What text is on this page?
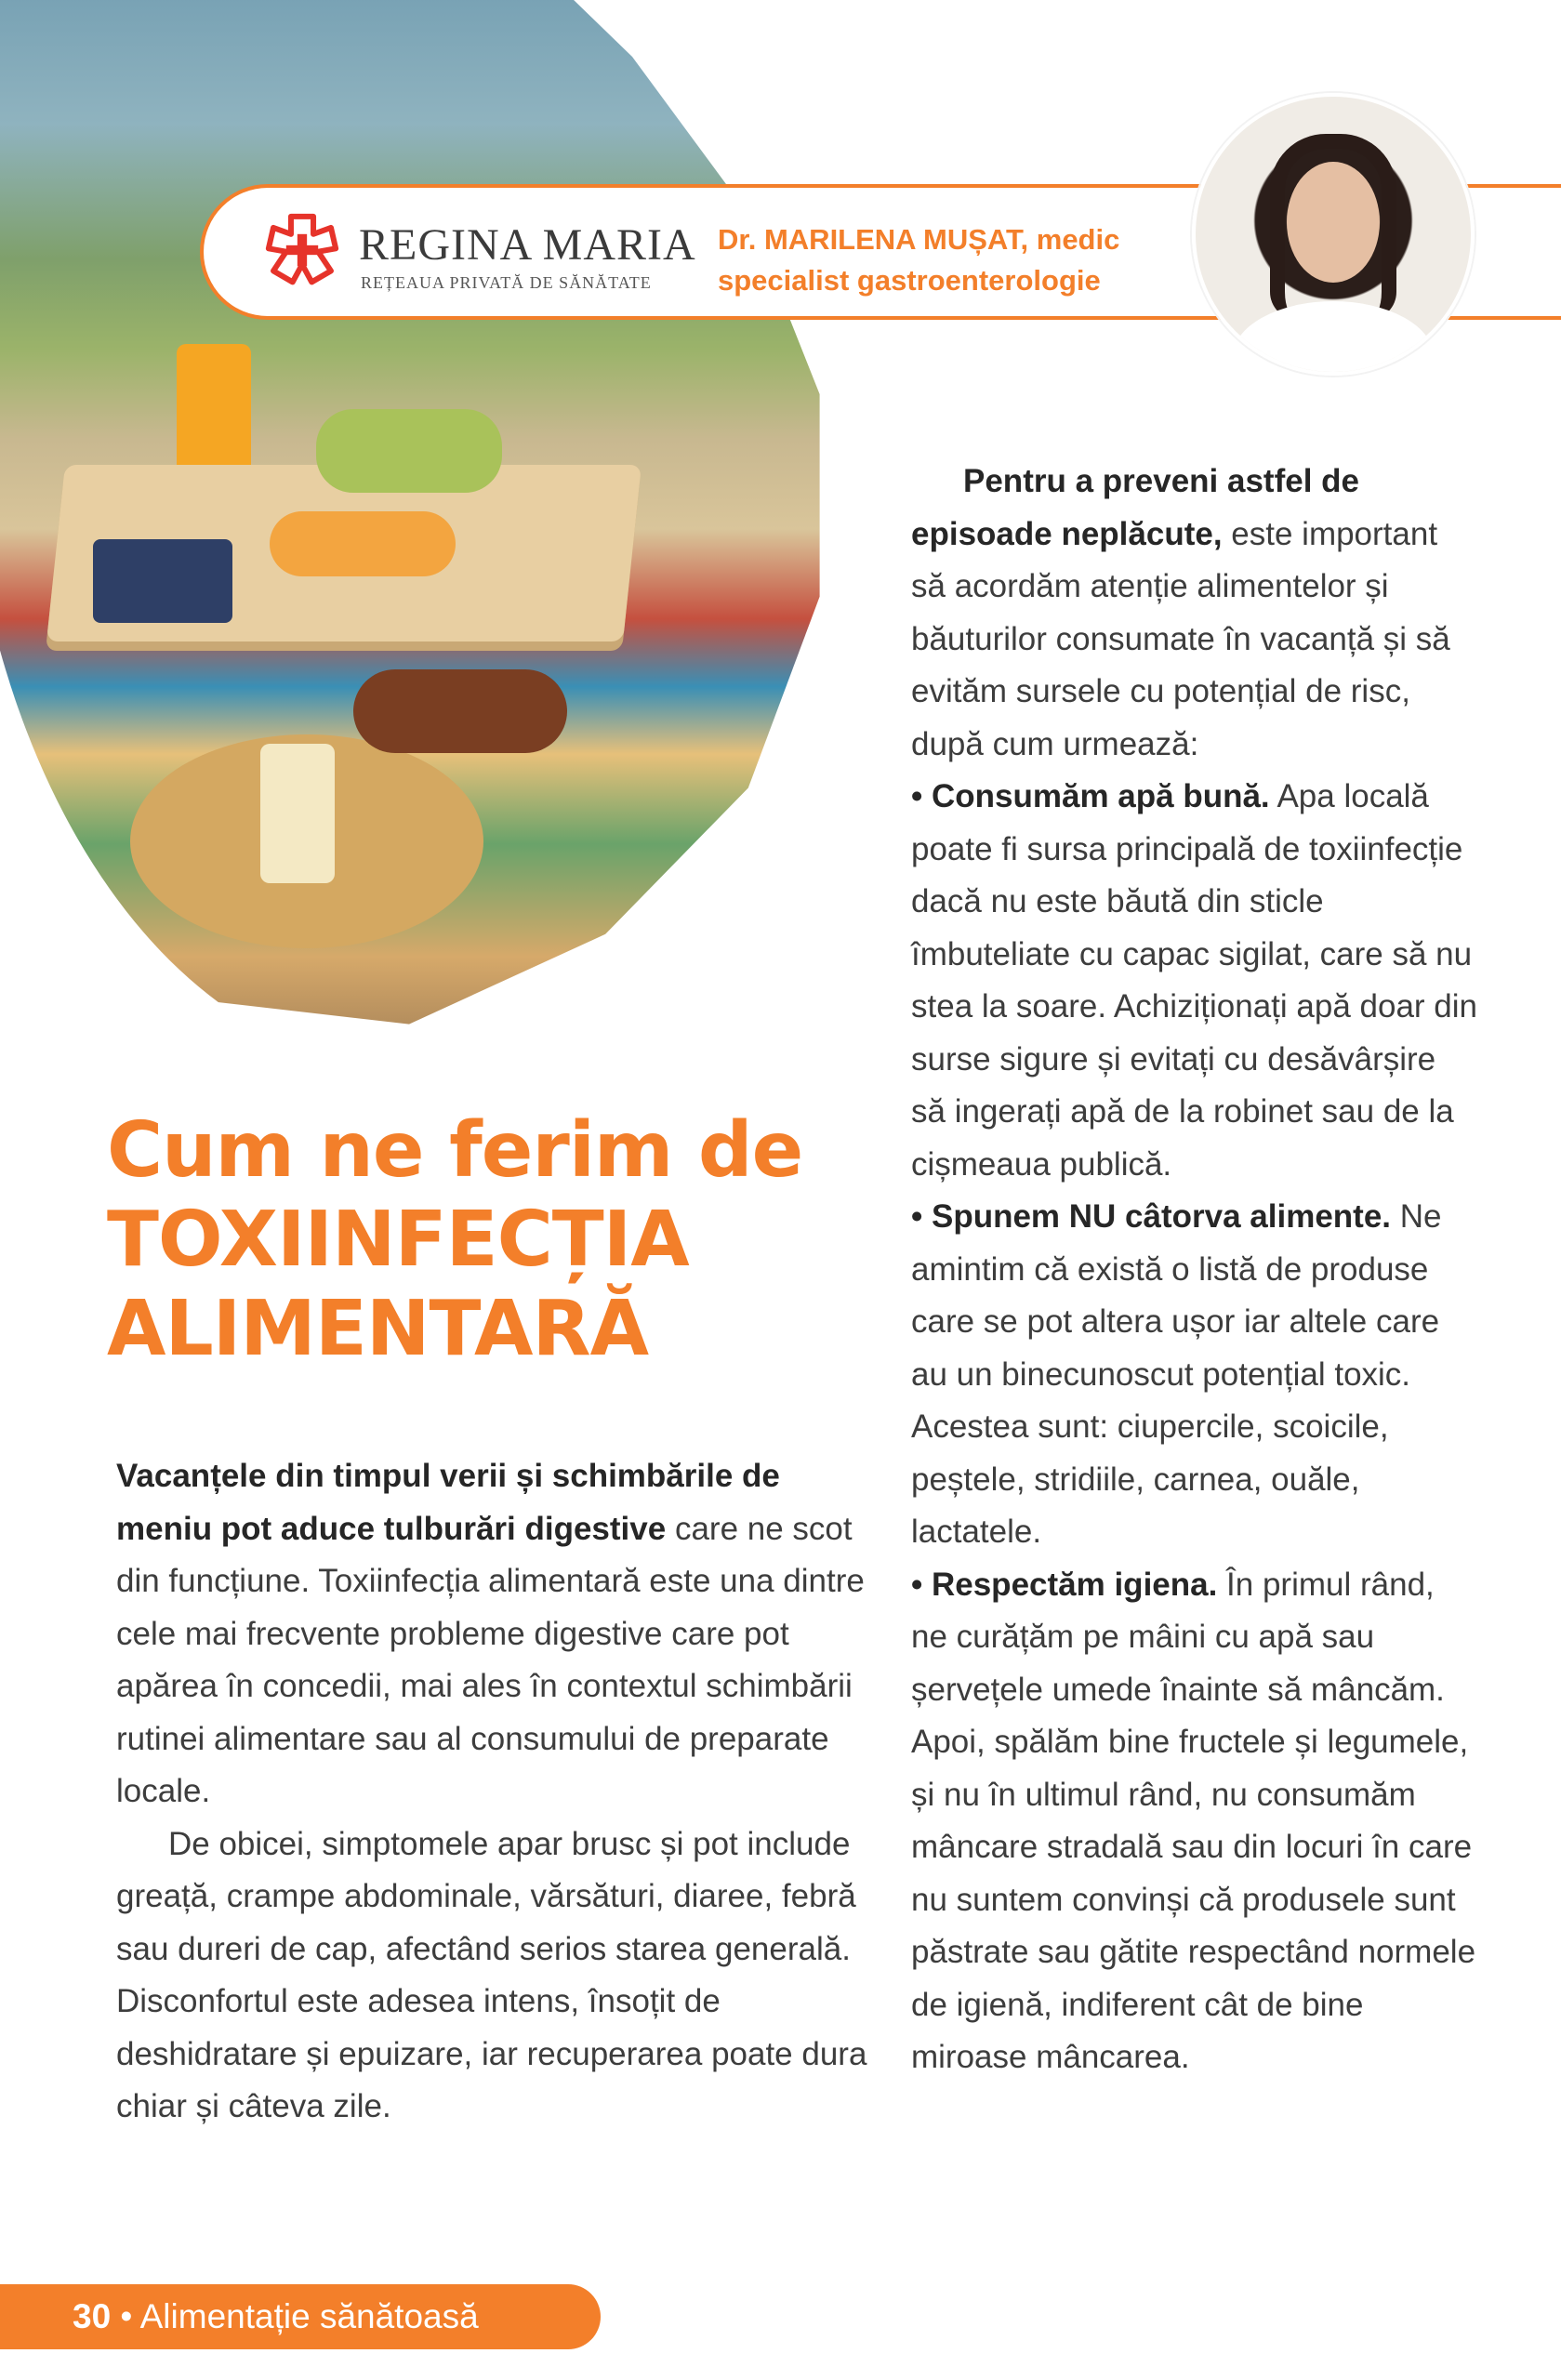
REGINA MARIA
REȚEAUA PRIVATĂ DE SĂNĂTATE
Dr. MARILENA MUȘAT, medic specialist gastroenterologie
Cum ne ferim de
TOXIINFECȚIA
ALIMENTARĂ

Vacanțele din timpul verii și schimbările de meniu pot aduce tulburări digestive care ne scot din funcțiune. Toxiinfecția alimentară este una dintre cele mai frecvente probleme digestive care pot apărea în concedii, mai ales în contextul schimbării rutinei alimentare sau al consumului de preparate locale.

De obicei, simptomele apar brusc și pot include greață, crampe abdominale, vărsături, diaree, febră sau dureri de cap, afectând serios starea generală. Disconfortul este adesea intens, însoțit de deshidratare și epuizare, iar recuperarea poate dura chiar și câteva zile.

Pentru a preveni astfel de episoade neplăcute, este important să acordăm atenție alimentelor și băuturilor consumate în vacanță și să evităm sursele cu potențial de risc, după cum urmează:

• Consumăm apă bună. Apa locală poate fi sursa principală de toxiinfecție dacă nu este băută din sticle îmbuteliate cu capac sigilat, care să nu stea la soare. Achiziționați apă doar din surse sigure și evitați cu desăvârșire să ingerați apă de la robinet sau de la cișmeaua publică.

• Spunem NU câtorva alimente. Ne amintim că există o listă de produse care se pot altera ușor iar altele care au un binecunoscut potențial toxic. Acestea sunt: ciupercile, scoicile, peștele, stridiile, carnea, ouăle, lactatele.

• Respectăm igiena. În primul rând, ne curățăm pe mâini cu apă sau șervețele umede înainte să mâncăm. Apoi, spălăm bine fructele și legumele, și nu în ultimul rând, nu consumăm mâncare stradală sau din locuri în care nu suntem convinși că produsele sunt păstrate sau gătite respectând normele de igienă, indiferent cât de bine miroase mâncarea.

30 • Alimentație sănătoasă
